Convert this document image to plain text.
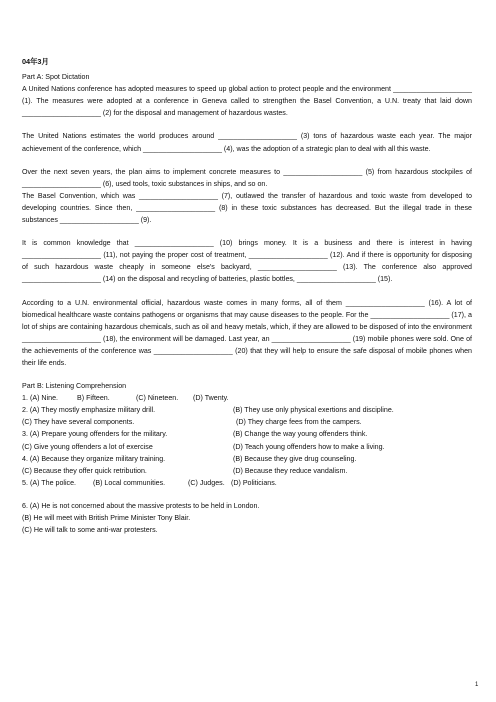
04年3月
Part A: Spot Dictation

A United Nations conference has adopted measures to speed up global action to protect people and the environment ____________________ (1). The measures were adopted at a conference in Geneva called to strengthen the Basel Convention, a U.N. treaty that laid down ____________________ (2) for the disposal and management of hazardous wastes.

The United Nations estimates the world produces around ____________________ (3) tons of hazardous waste each year. The major achievement of the conference, which ____________________ (4), was the adoption of a strategic plan to deal with all this waste.

Over the next seven years, the plan aims to implement concrete measures to ____________________ (5) from hazardous stockpiles of ____________________ (6), used tools, toxic substances in ships, and so on.

The Basel Convention, which was ____________________ (7), outlawed the transfer of hazardous and toxic waste from developed to developing countries. Since then, ____________________ (8) in these toxic substances has decreased. But the illegal trade in these substances ____________________ (9).

It is common knowledge that ____________________ (10) brings money. It is a business and there is interest in having ____________________ (11), not paying the proper cost of treatment, ____________________ (12). And if there is opportunity for disposing of such hazardous waste cheaply in someone else's backyard, ____________________ (13). The conference also approved ____________________ (14) on the disposal and recycling of batteries, plastic bottles, ____________________ (15).

According to a U.N. environmental official, hazardous waste comes in many forms, all of them ____________________ (16). A lot of biomedical healthcare waste contains pathogens or organisms that may cause diseases to the people. For the ____________________ (17), a lot of ships are containing hazardous chemicals, such as oil and heavy metals, which, if they are allowed to be disposed of into the environment ____________________ (18), the environment will be damaged. Last year, an ____________________ (19) mobile phones were sold. One of the achievements of the conference was ____________________ (20) that they will help to ensure the safe disposal of mobile phones when their life ends.

Part B: Listening Comprehension
1. (A) Nine.	B) Fifteen.	(C) Nineteen. (D) Twenty.
2. (A) They mostly emphasize military drill.	(B) They use only physical exertions and discipline.
(C) They have several components.	(D) They charge fees from the campers.
3. (A) Prepare young offenders for the military.	(B) Change the way young offenders think.
(C) Give young offenders a lot of exercise	(D) Teach young offenders how to make a living.
4. (A) Because they organize military training.	(B) Because they give drug counseling.
(C) Because they offer quick retribution.	(D) Because they reduce vandalism.
5. (A) The police. (B) Local communities.	(C) Judges. (D) Politicians.
6. (A) He is not concerned about the massive protests to be held in London.
(B) He will meet with British Prime Minister Tony Blair.
(C) He will talk to some anti-war protesters.
1
